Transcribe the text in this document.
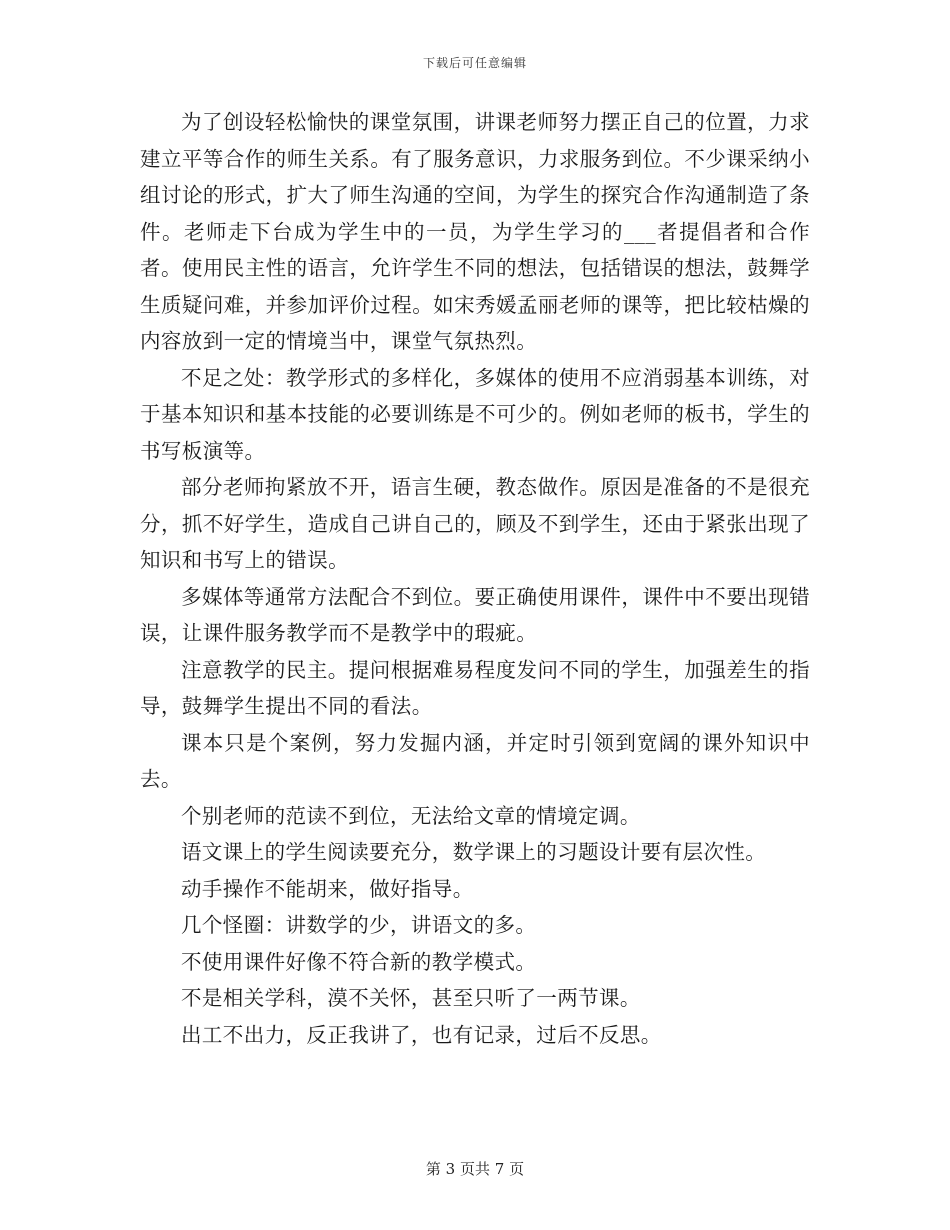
下载后可任意编辑

为了创设轻松愉快的课堂氛围，讲课老师努力摆正自己的位置，力求建立平等合作的师生关系。有了服务意识，力求服务到位。不少课采纳小组讨论的形式，扩大了师生沟通的空间，为学生的探究合作沟通制造了条件。老师走下台成为学生中的一员，为学生学习的___者提倡者和合作者。使用民主性的语言，允许学生不同的想法，包括错误的想法，鼓舞学生质疑问难，并参加评价过程。如宋秀媛孟丽老师的课等，把比较枯燥的内容放到一定的情境当中，课堂气氛热烈。

不足之处：教学形式的多样化，多媒体的使用不应消弱基本训练，对于基本知识和基本技能的必要训练是不可少的。例如老师的板书，学生的书写板演等。

部分老师拘紧放不开，语言生硬，教态做作。原因是准备的不是很充分，抓不好学生，造成自己讲自己的，顾及不到学生，还由于紧张出现了知识和书写上的错误。

多媒体等通常方法配合不到位。要正确使用课件，课件中不要出现错误，让课件服务教学而不是教学中的瑕疵。

注意教学的民主。提问根据难易程度发问不同的学生，加强差生的指导，鼓舞学生提出不同的看法。

课本只是个案例，努力发掘内涵，并定时引领到宽阔的课外知识中去。

个别老师的范读不到位，无法给文章的情境定调。

语文课上的学生阅读要充分，数学课上的习题设计要有层次性。

动手操作不能胡来，做好指导。

几个怪圈：讲数学的少，讲语文的多。

不使用课件好像不符合新的教学模式。

不是相关学科，漠不关怀，甚至只听了一两节课。

出工不出力，反正我讲了，也有记录，过后不反思。

第 3 页共 7 页
